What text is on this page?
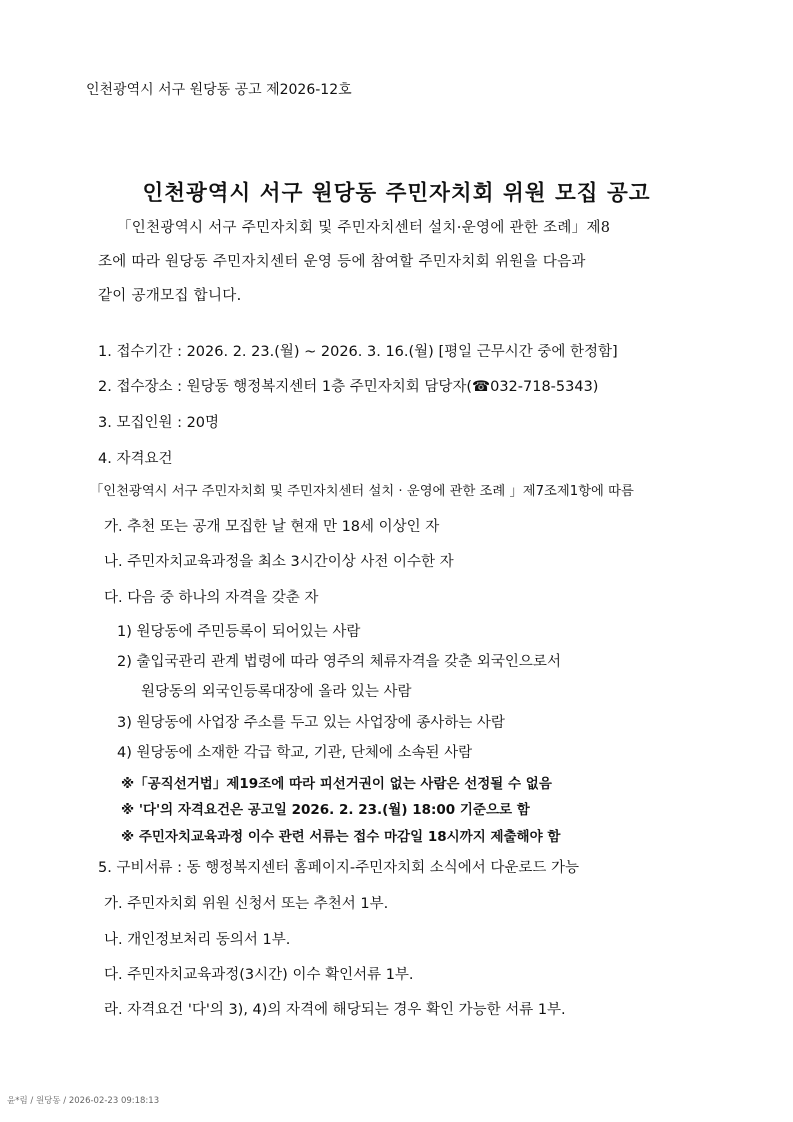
인천광역시 서구 원당동 공고 제2026-12호
인천광역시 서구 원당동 주민자치회 위원 모집 공고
「인천광역시 서구 주민자치회 및 주민자치센터 설치·운영에 관한 조례」제8
조에 따라 원당동 주민자치센터 운영 등에 참여할 주민자치회 위원을 다음과
같이 공개모집 합니다.
1. 접수기간 : 2026. 2. 23.(월) ~ 2026. 3. 16.(월) [평일 근무시간 중에 한정함]
2. 접수장소 : 원당동 행정복지센터 1층 주민자치회 담당자(☎032-718-5343)
3. 모집인원 : 20명
4. 자격요건
「인천광역시 서구 주민자치회 및 주민자치센터 설치 · 운영에 관한 조례 」제7조제1항에 따름
가. 추천 또는 공개 모집한 날 현재 만 18세 이상인 자
나. 주민자치교육과정을 최소 3시간이상 사전 이수한 자
다. 다음 중 하나의 자격을 갖춘 자
1) 원당동에 주민등록이 되어있는 사람
2) 출입국관리 관계 법령에 따라 영주의 체류자격을 갖춘 외국인으로서
원당동의 외국인등록대장에 올라 있는 사람
3) 원당동에 사업장 주소를 두고 있는 사업장에 종사하는 사람
4) 원당동에 소재한 각급 학교, 기관, 단체에 소속된 사람
※「공직선거법」제19조에 따라 피선거권이 없는 사람은 선정될 수 없음
※ '다'의 자격요건은 공고일 2026. 2. 23.(월) 18:00 기준으로 함
※ 주민자치교육과정 이수 관련 서류는 접수 마감일 18시까지 제출해야 함
5. 구비서류 : 동 행정복지센터 홈페이지-주민자치회 소식에서 다운로드 가능
가. 주민자치회 위원 신청서 또는 추천서 1부.
나. 개인정보처리 동의서 1부.
다. 주민자치교육과정(3시간) 이수 확인서류 1부.
라. 자격요건 '다'의 3), 4)의 자격에 해당되는 경우 확인 가능한 서류 1부.
윤*림 / 원당동 / 2026-02-23 09:18:13
